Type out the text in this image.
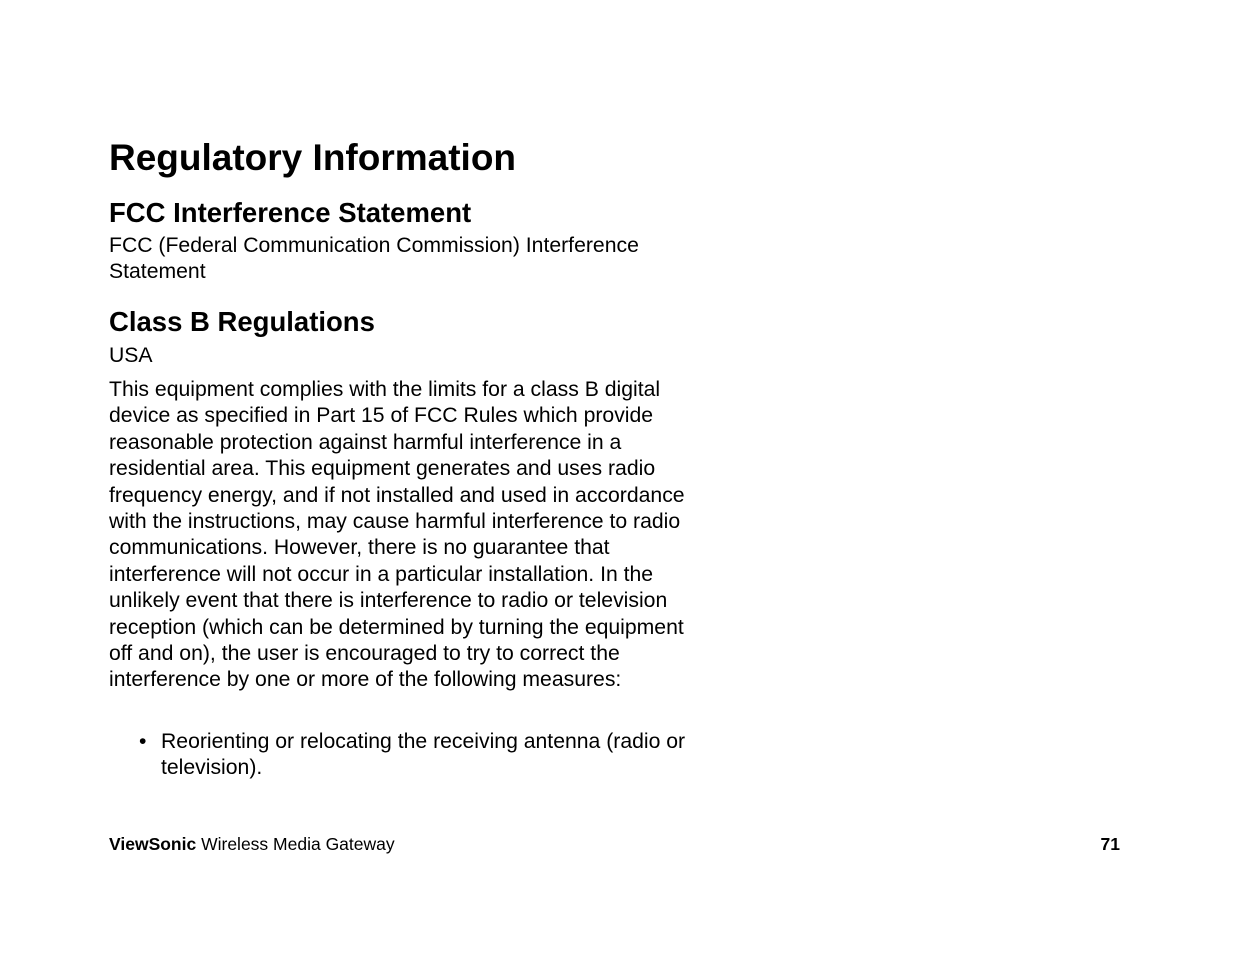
Regulatory Information
FCC Interference Statement

FCC (Federal Communication Commission) Interference Statement

Class B Regulations

USA

This equipment complies with the limits for a class B digital device as specified in Part 15 of FCC Rules which provide reasonable protection against harmful interference in a residential area. This equipment generates and uses radio frequency energy, and if not installed and used in accordance with the instructions, may cause harmful interference to radio communications. However, there is no guarantee that interference will not occur in a particular installation. In the unlikely event that there is interference to radio or television reception (which can be determined by turning the equipment off and on), the user is encouraged to try to correct the interference by one or more of the following measures:

• Reorienting or relocating the receiving antenna (radio or television).
ViewSonic Wireless Media Gateway	71
